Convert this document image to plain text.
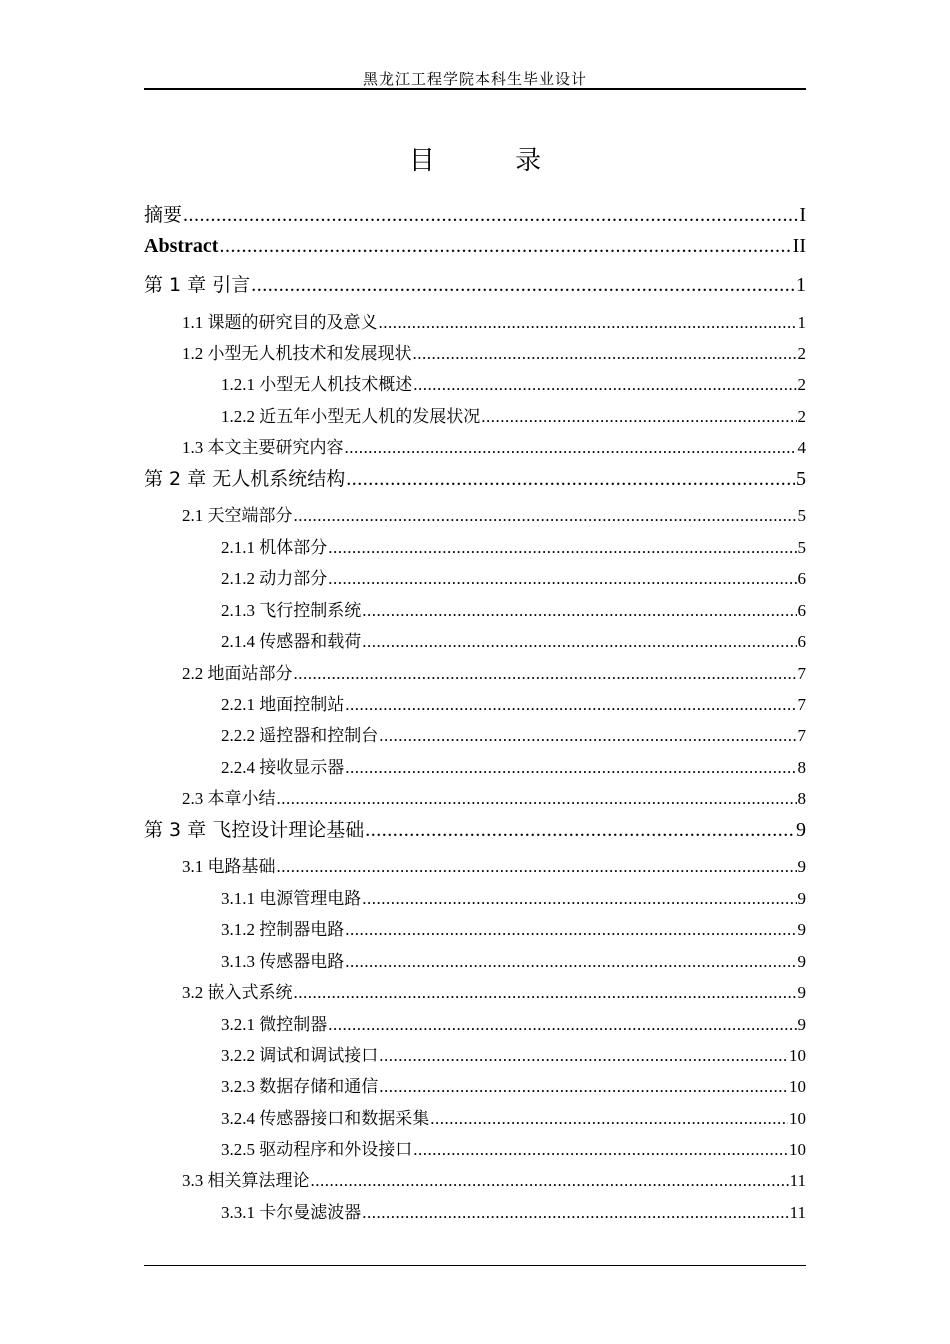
黑龙江工程学院本科生毕业设计
目 录
摘要 .....	I
Abstract .....	II
第 1 章 引言 .....	1
1.1 课题的研究目的及意义 .....	1
1.2 小型无人机技术和发展现状 .....	2
1.2.1 小型无人机技术概述 .....	2
1.2.2 近五年小型无人机的发展状况 .....	2
1.3 本文主要研究内容 .....	4
第 2 章 无人机系统结构 .....	5
2.1 天空端部分 .....	5
2.1.1 机体部分 .....	5
2.1.2 动力部分 .....	6
2.1.3 飞行控制系统 .....	6
2.1.4 传感器和载荷 .....	6
2.2 地面站部分 .....	7
2.2.1 地面控制站 .....	7
2.2.2 遥控器和控制台 .....	7
2.2.4 接收显示器 .....	8
2.3 本章小结 .....	8
第 3 章 飞控设计理论基础 .....	9
3.1 电路基础 .....	9
3.1.1 电源管理电路 .....	9
3.1.2 控制器电路 .....	9
3.1.3 传感器电路 .....	9
3.2 嵌入式系统 .....	9
3.2.1 微控制器 .....	9
3.2.2 调试和调试接口 .....	10
3.2.3 数据存储和通信 .....	10
3.2.4 传感器接口和数据采集 .....	10
3.2.5 驱动程序和外设接口 .....	10
3.3 相关算法理论 .....	11
3.3.1 卡尔曼滤波器 .....	11
